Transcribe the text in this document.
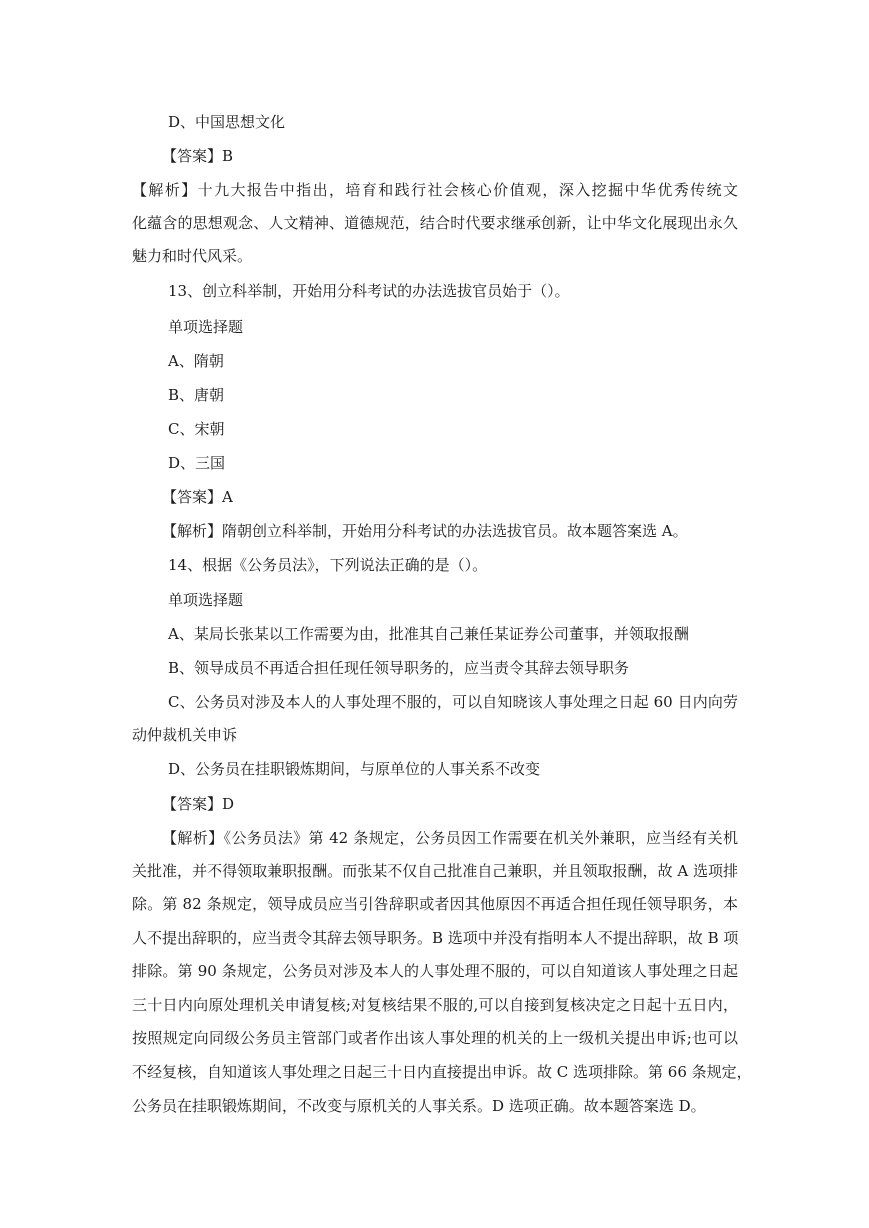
D、中国思想文化
【答案】B
【解析】十九大报告中指出，培育和践行社会核心价值观，深入挖掘中华优秀传统文
化蕴含的思想观念、人文精神、道德规范，结合时代要求继承创新，让中华文化展现出永久
魅力和时代风采。
13、创立科举制，开始用分科考试的办法选拔官员始于（）。
单项选择题
A、隋朝
B、唐朝
C、宋朝
D、三国
【答案】A
【解析】隋朝创立科举制，开始用分科考试的办法选拔官员。故本题答案选 A。
14、根据《公务员法》，下列说法正确的是（）。
单项选择题
A、某局长张某以工作需要为由，批准其自己兼任某证券公司董事，并领取报酬
B、领导成员不再适合担任现任领导职务的，应当责令其辞去领导职务
C、公务员对涉及本人的人事处理不服的，可以自知晓该人事处理之日起 60 日内向劳
动仲裁机关申诉
D、公务员在挂职锻炼期间，与原单位的人事关系不改变
【答案】D
【解析】《公务员法》第 42 条规定，公务员因工作需要在机关外兼职，应当经有关机
关批准，并不得领取兼职报酬。而张某不仅自己批准自己兼职，并且领取报酬，故 A 选项排
除。第 82 条规定，领导成员应当引咎辞职或者因其他原因不再适合担任现任领导职务，本
人不提出辞职的，应当责令其辞去领导职务。B 选项中并没有指明本人不提出辞职，故 B 项
排除。第 90 条规定，公务员对涉及本人的人事处理不服的，可以自知道该人事处理之日起
三十日内向原处理机关申请复核;对复核结果不服的,可以自接到复核决定之日起十五日内，
按照规定向同级公务员主管部门或者作出该人事处理的机关的上一级机关提出申诉;也可以
不经复核，自知道该人事处理之日起三十日内直接提出申诉。故 C 选项排除。第 66 条规定，
公务员在挂职锻炼期间，不改变与原机关的人事关系。D 选项正确。故本题答案选 D。
